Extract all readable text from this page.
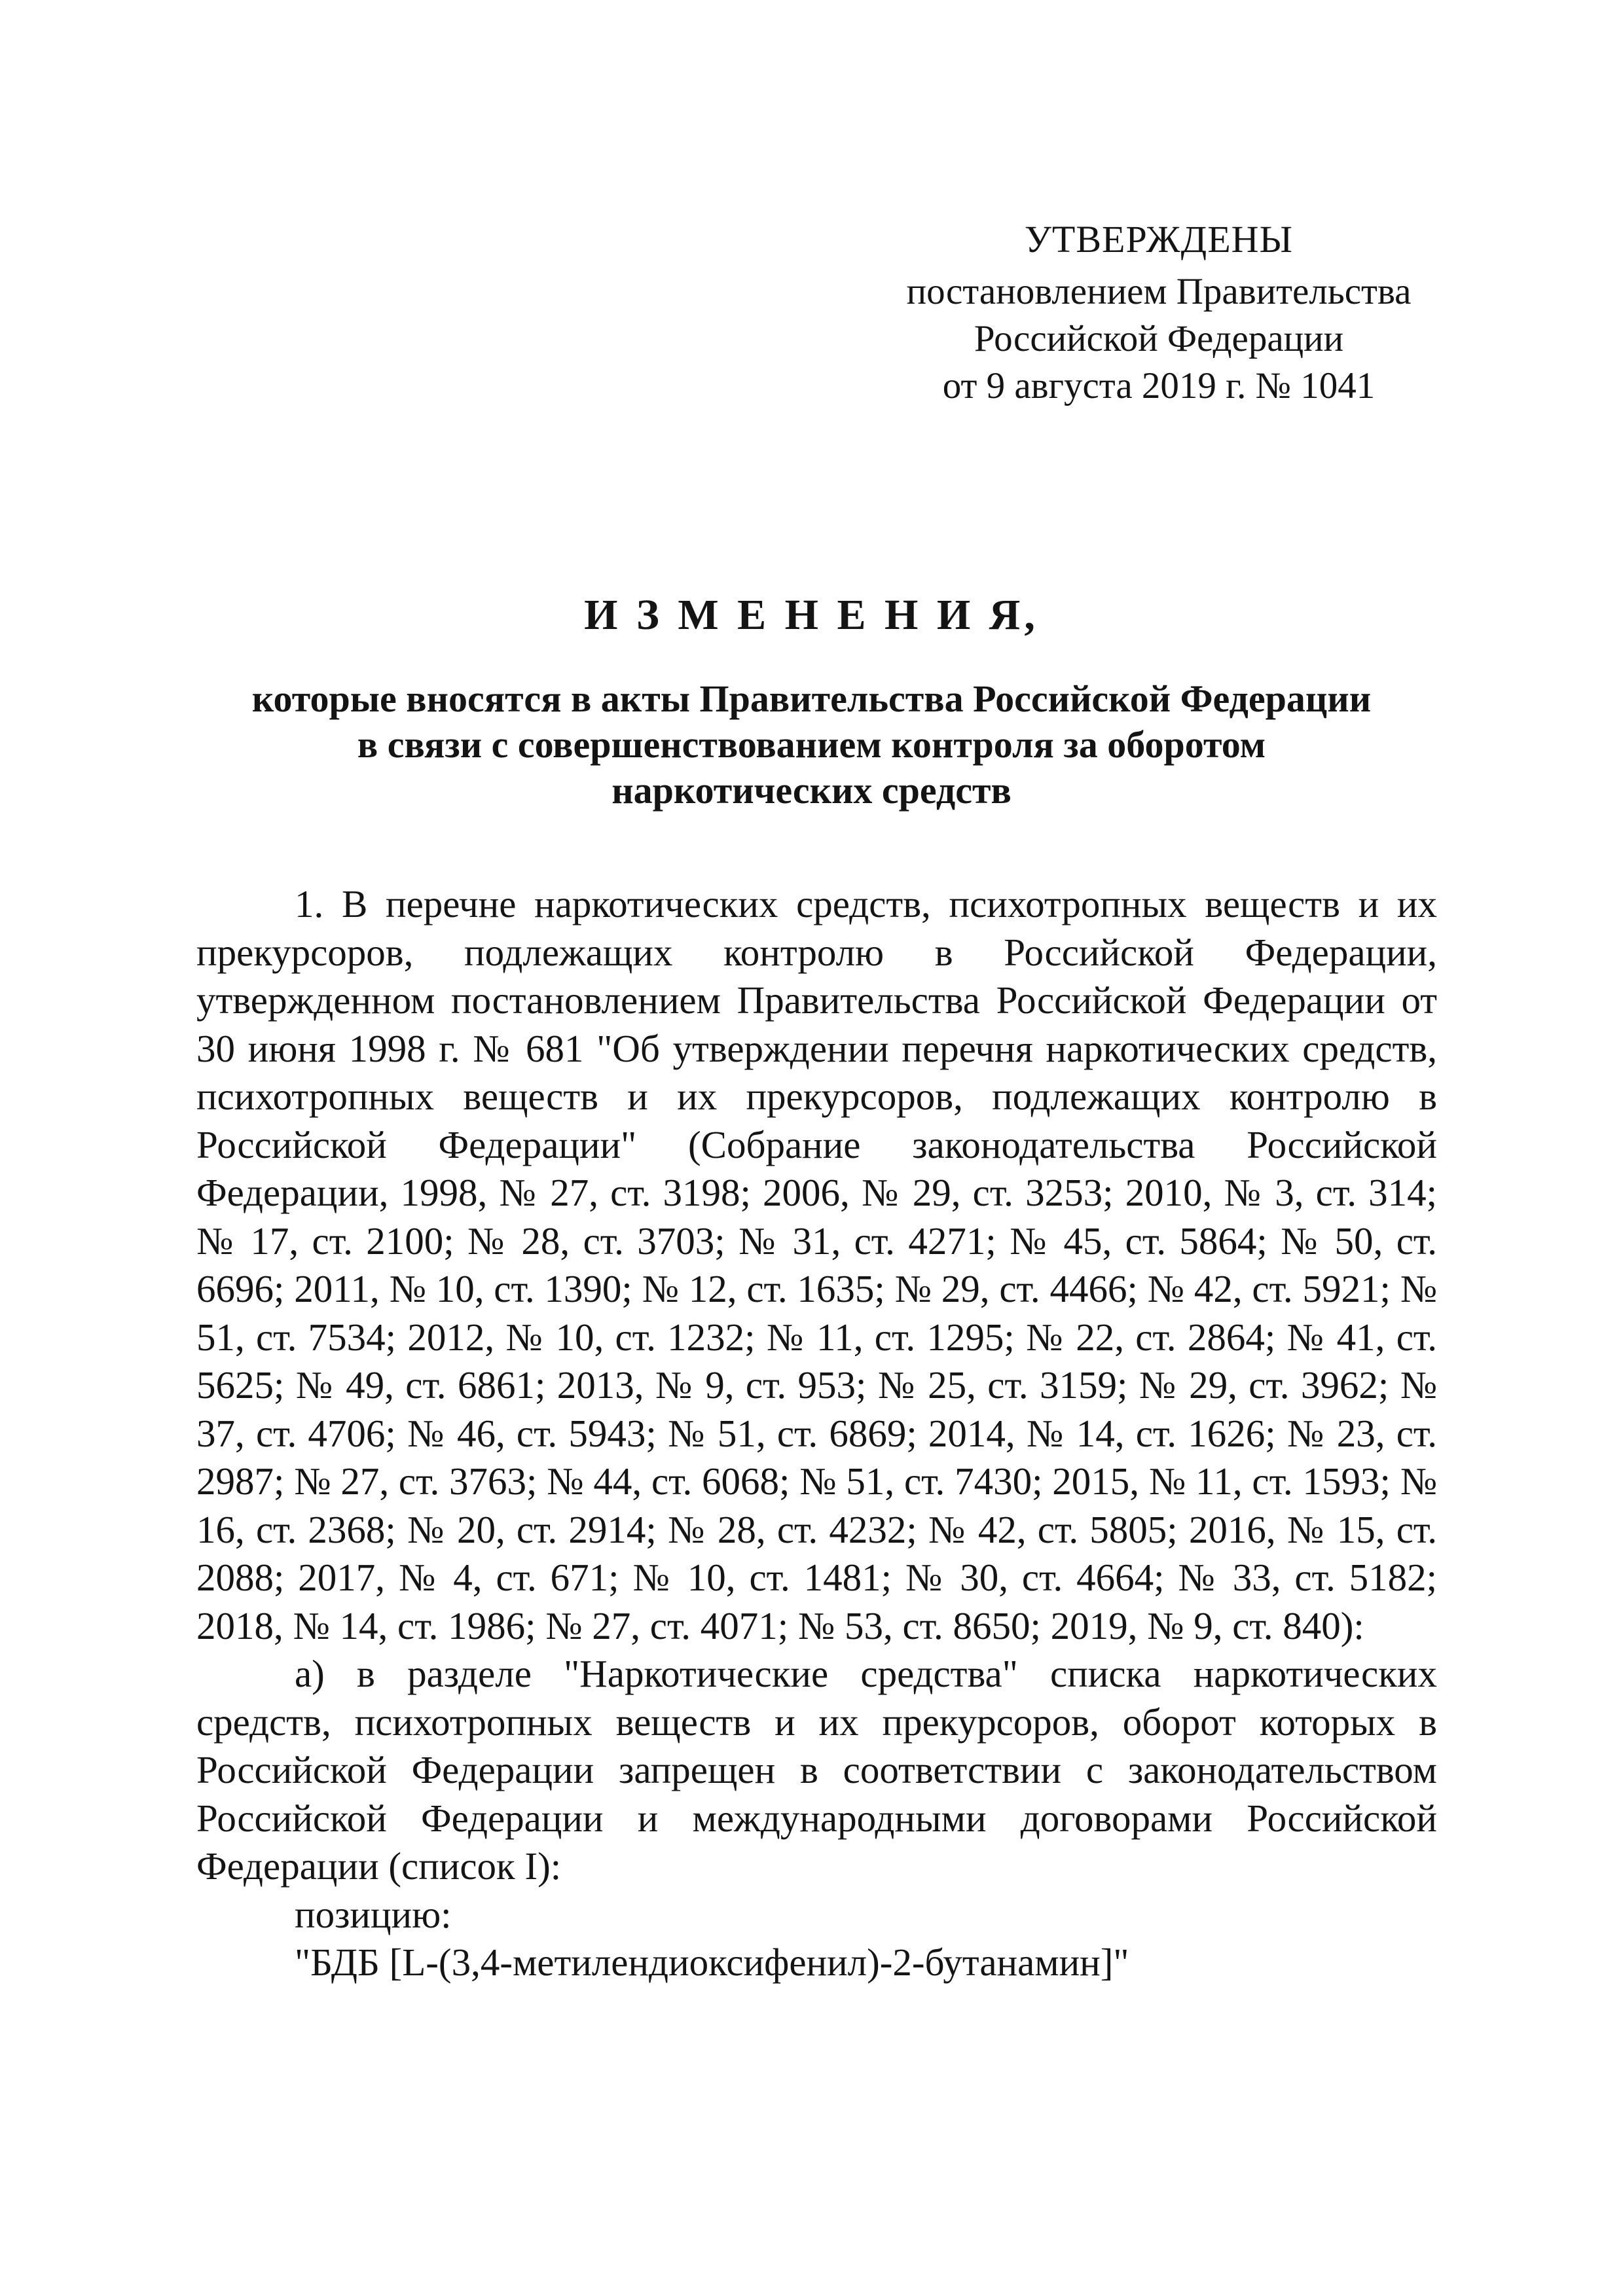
УТВЕРЖДЕНЫ
постановлением Правительства
Российской Федерации
от 9 августа 2019 г. № 1041

И З М Е Н Е Н И Я,

которые вносятся в акты Правительства Российской Федерации

в связи с совершенствованием контроля за оборотом

наркотических средств

1. В перечне наркотических средств, психотропных веществ и их прекурсоров, подлежащих контролю в Российской Федерации, утвержденном постановлением Правительства Российской Федерации от 30 июня 1998 г. № 681 "Об утверждении перечня наркотических средств, психотропных веществ и их прекурсоров, подлежащих контролю в Российской Федерации" (Собрание законодательства Российской Федерации, 1998, № 27, ст. 3198; 2006, № 29, ст. 3253; 2010, № 3, ст. 314; № 17, ст. 2100; № 28, ст. 3703; № 31, ст. 4271; № 45, ст. 5864; № 50, ст. 6696; 2011, № 10, ст. 1390; № 12, ст. 1635; № 29, ст. 4466; № 42, ст. 5921; № 51, ст. 7534; 2012, № 10, ст. 1232; № 11, ст. 1295; № 22, ст. 2864; № 41, ст. 5625; № 49, ст. 6861; 2013, № 9, ст. 953; № 25, ст. 3159; № 29, ст. 3962; № 37, ст. 4706; № 46, ст. 5943; № 51, ст. 6869; 2014, № 14, ст. 1626; № 23, ст. 2987; № 27, ст. 3763; № 44, ст. 6068; № 51, ст. 7430; 2015, № 11, ст. 1593; № 16, ст. 2368; № 20, ст. 2914; № 28, ст. 4232; № 42, ст. 5805; 2016, № 15, ст. 2088; 2017, № 4, ст. 671; № 10, ст. 1481; № 30, ст. 4664; № 33, ст. 5182; 2018, № 14, ст. 1986; № 27, ст. 4071; № 53, ст. 8650; 2019, № 9, ст. 840):

а) в разделе "Наркотические средства" списка наркотических средств, психотропных веществ и их прекурсоров, оборот которых в Российской Федерации запрещен в соответствии с законодательством Российской Федерации и международными договорами Российской Федерации (список I):

позицию:

"БДБ [L-(3,4-метилендиоксифенил)-2-бутанамин]"
